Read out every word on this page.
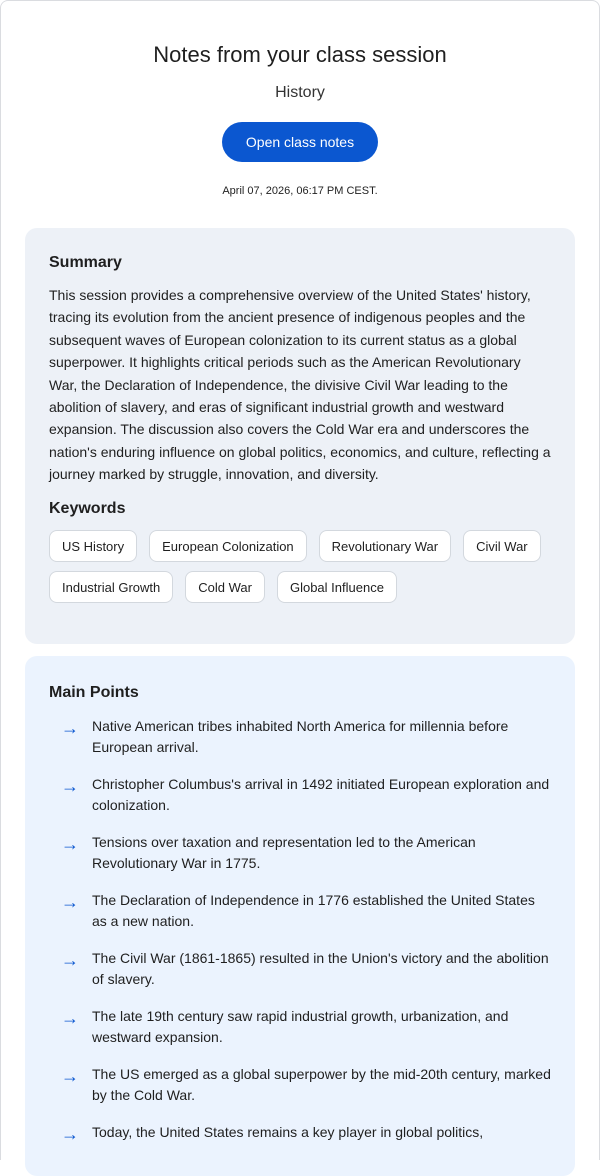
Notes from your class session
History
Open class notes
April 07, 2026, 06:17 PM CEST.
Summary
This session provides a comprehensive overview of the United States' history, tracing its evolution from the ancient presence of indigenous peoples and the subsequent waves of European colonization to its current status as a global superpower. It highlights critical periods such as the American Revolutionary War, the Declaration of Independence, the divisive Civil War leading to the abolition of slavery, and eras of significant industrial growth and westward expansion. The discussion also covers the Cold War era and underscores the nation's enduring influence on global politics, economics, and culture, reflecting a journey marked by struggle, innovation, and diversity.
Keywords
US History	European Colonization	Revolutionary War	Civil War
Industrial Growth	Cold War	Global Influence
Main Points
→ Native American tribes inhabited North America for millennia before European arrival.
→ Christopher Columbus's arrival in 1492 initiated European exploration and colonization.
→ Tensions over taxation and representation led to the American Revolutionary War in 1775.
→ The Declaration of Independence in 1776 established the United States as a new nation.
→ The Civil War (1861-1865) resulted in the Union's victory and the abolition of slavery.
→ The late 19th century saw rapid industrial growth, urbanization, and westward expansion.
→ The US emerged as a global superpower by the mid-20th century, marked by the Cold War.
→ Today, the United States remains a key player in global politics,
